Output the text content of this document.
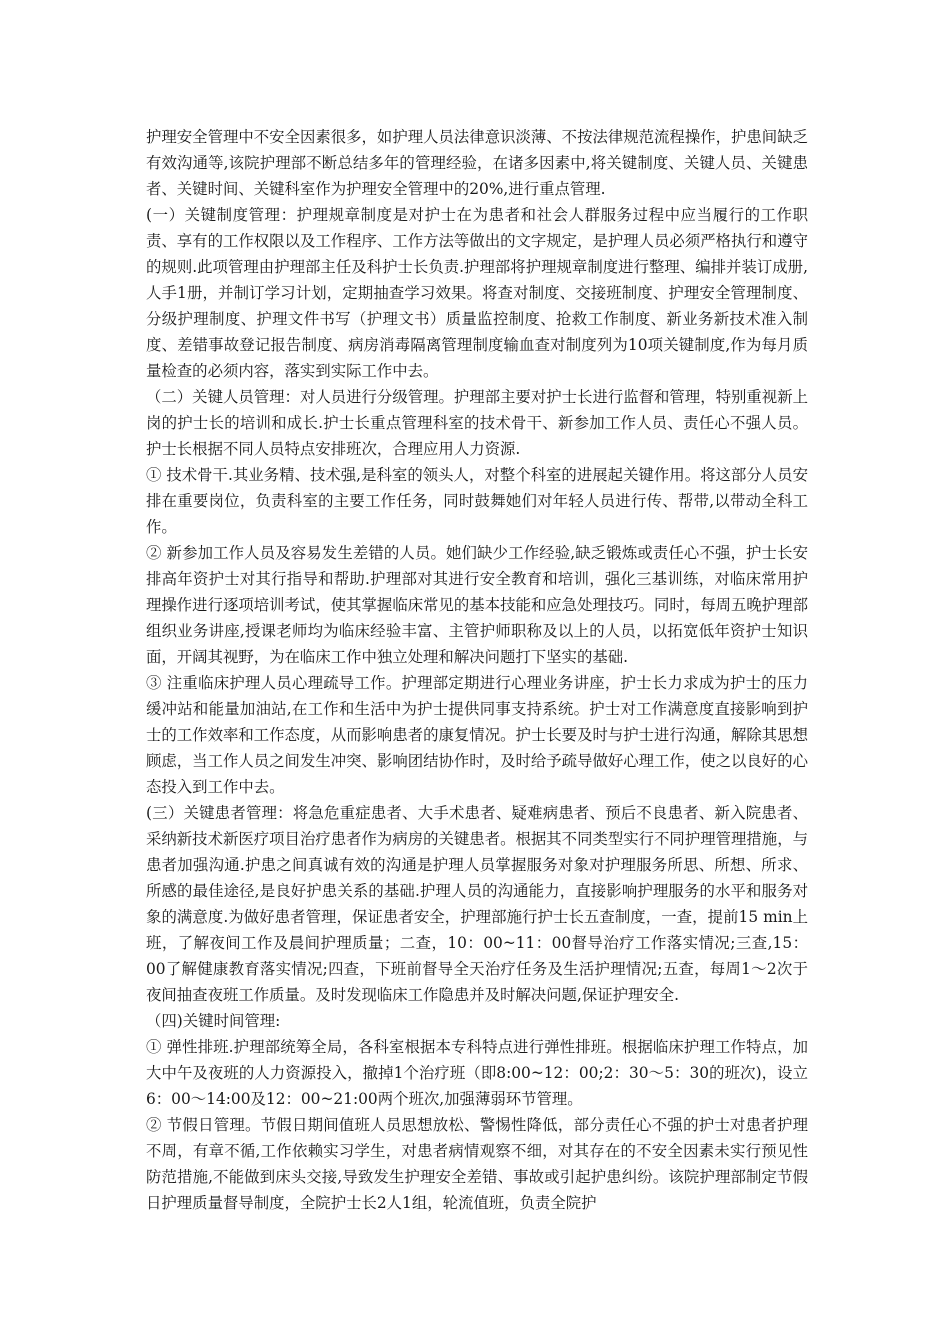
护理安全管理中不安全因素很多，如护理人员法律意识淡薄、不按法律规范流程操作，护患间缺乏有效沟通等,该院护理部不断总结多年的管理经验，在诸多因素中,将关键制度、关键人员、关键患者、关键时间、关键科室作为护理安全管理中的20%,进行重点管理.

(一）关键制度管理：护理规章制度是对护士在为患者和社会人群服务过程中应当履行的工作职责、享有的工作权限以及工作程序、工作方法等做出的文字规定，是护理人员必须严格执行和遵守的规则.此项管理由护理部主任及科护士长负责.护理部将护理规章制度进行整理、编排并装订成册,人手1册，并制订学习计划，定期抽查学习效果。将查对制度、交接班制度、护理安全管理制度、分级护理制度、护理文件书写（护理文书）质量监控制度、抢救工作制度、新业务新技术准入制度、差错事故登记报告制度、病房消毒隔离管理制度输血查对制度列为10项关键制度,作为每月质量检查的必须内容，落实到实际工作中去。

（二）关键人员管理：对人员进行分级管理。护理部主要对护士长进行监督和管理，特别重视新上岗的护士长的培训和成长.护士长重点管理科室的技术骨干、新参加工作人员、责任心不强人员。护士长根据不同人员特点安排班次，合理应用人力资源.

① 技术骨干.其业务精、技术强,是科室的领头人，对整个科室的进展起关键作用。将这部分人员安排在重要岗位，负责科室的主要工作任务，同时鼓舞她们对年轻人员进行传、帮带,以带动全科工作。

② 新参加工作人员及容易发生差错的人员。她们缺少工作经验,缺乏锻炼或责任心不强，护士长安排高年资护士对其行指导和帮助.护理部对其进行安全教育和培训，强化三基训练，对临床常用护理操作进行逐项培训考试，使其掌握临床常见的基本技能和应急处理技巧。同时，每周五晚护理部组织业务讲座,授课老师均为临床经验丰富、主管护师职称及以上的人员，以拓宽低年资护士知识面，开阔其视野，为在临床工作中独立处理和解决问题打下坚实的基础.

③ 注重临床护理人员心理疏导工作。护理部定期进行心理业务讲座，护士长力求成为护士的压力缓冲站和能量加油站,在工作和生活中为护士提供同事支持系统。护士对工作满意度直接影响到护士的工作效率和工作态度，从而影响患者的康复情况。护士长要及时与护士进行沟通，解除其思想顾虑，当工作人员之间发生冲突、影响团结协作时，及时给予疏导做好心理工作，使之以良好的心态投入到工作中去。

(三）关键患者管理：将急危重症患者、大手术患者、疑难病患者、预后不良患者、新入院患者、采纳新技术新医疗项目治疗患者作为病房的关键患者。根据其不同类型实行不同护理管理措施，与患者加强沟通.护患之间真诚有效的沟通是护理人员掌握服务对象对护理服务所思、所想、所求、所感的最佳途径,是良好护患关系的基础.护理人员的沟通能力，直接影响护理服务的水平和服务对象的满意度.为做好患者管理，保证患者安全，护理部施行护士长五查制度，一查，提前15 min上班，了解夜间工作及晨间护理质量；二查，10：00~11：00督导治疗工作落实情况;三查,15：00了解健康教育落实情况;四查，下班前督导全天治疗任务及生活护理情况;五查，每周1～2次于夜间抽查夜班工作质量。及时发现临床工作隐患并及时解决问题,保证护理安全.

（四)关键时间管理:

① 弹性排班.护理部统筹全局，各科室根据本专科特点进行弹性排班。根据临床护理工作特点，加大中午及夜班的人力资源投入，撤掉1个治疗班（即8:00~12：00;2：30～5：30的班次)，设立6：00～14:00及12：00~21:00两个班次,加强薄弱环节管理。

② 节假日管理。节假日期间值班人员思想放松、警惕性降低，部分责任心不强的护士对患者护理不周，有章不循,工作依赖实习学生，对患者病情观察不细，对其存在的不安全因素未实行预见性防范措施,不能做到床头交接,导致发生护理安全差错、事故或引起护患纠纷。该院护理部制定节假日护理质量督导制度，全院护士长2人1组，轮流值班，负责全院护
